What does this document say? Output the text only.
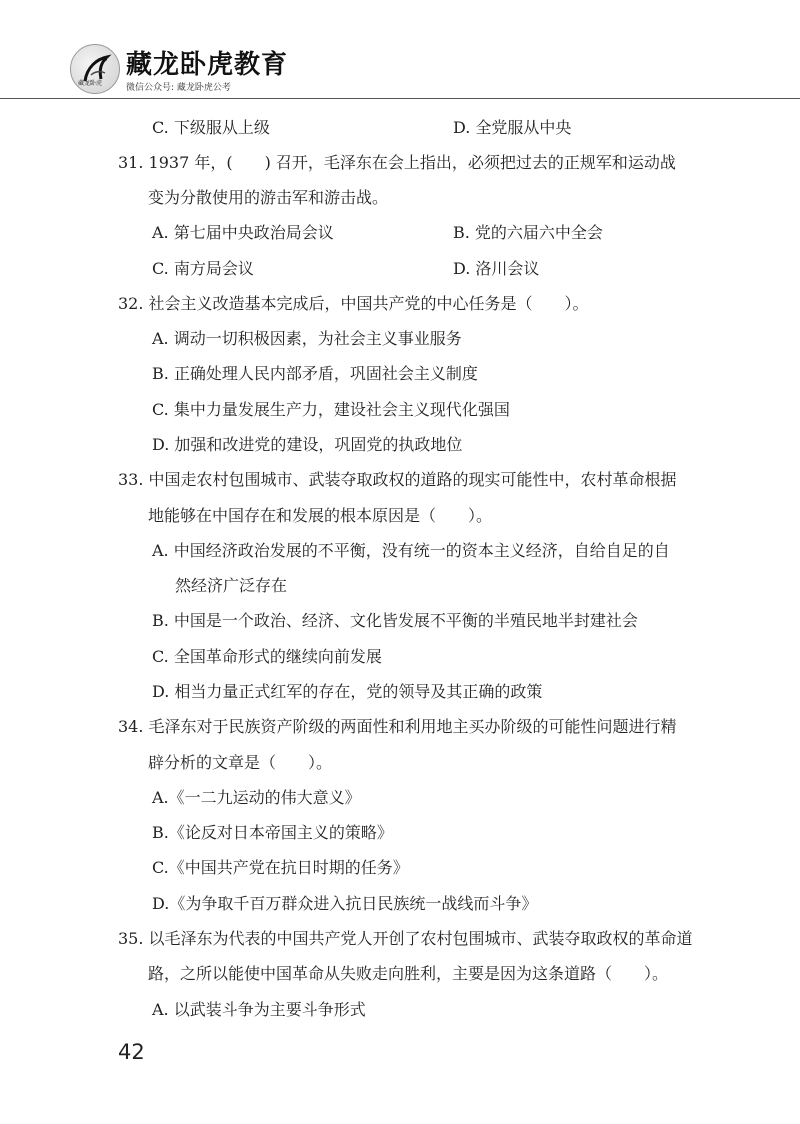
藏龙卧虎
藏龙卧虎教育
微信公众号: 藏龙卧虎公考
C. 下级服从上级	D. 全党服从中央
31. 1937 年，(　　) 召开，毛泽东在会上指出，必须把过去的正规军和运动战
变为分散使用的游击军和游击战。
A. 第七届中央政治局会议	B. 党的六届六中全会
C. 南方局会议	D. 洛川会议
32. 社会主义改造基本完成后，中国共产党的中心任务是（　　）。
A. 调动一切积极因素，为社会主义事业服务
B. 正确处理人民内部矛盾，巩固社会主义制度
C. 集中力量发展生产力，建设社会主义现代化强国
D. 加强和改进党的建设，巩固党的执政地位
33. 中国走农村包围城市、武装夺取政权的道路的现实可能性中，农村革命根据
地能够在中国存在和发展的根本原因是（　　）。
A. 中国经济政治发展的不平衡，没有统一的资本主义经济，自给自足的自
然经济广泛存在
B. 中国是一个政治、经济、文化皆发展不平衡的半殖民地半封建社会
C. 全国革命形式的继续向前发展
D. 相当力量正式红军的存在，党的领导及其正确的政策
34. 毛泽东对于民族资产阶级的两面性和利用地主买办阶级的可能性问题进行精
辟分析的文章是（　　）。
A.《一二九运动的伟大意义》
B.《论反对日本帝国主义的策略》
C.《中国共产党在抗日时期的任务》
D.《为争取千百万群众进入抗日民族统一战线而斗争》
35. 以毛泽东为代表的中国共产党人开创了农村包围城市、武装夺取政权的革命道
路，之所以能使中国革命从失败走向胜利，主要是因为这条道路（　　）。
A. 以武装斗争为主要斗争形式
42
